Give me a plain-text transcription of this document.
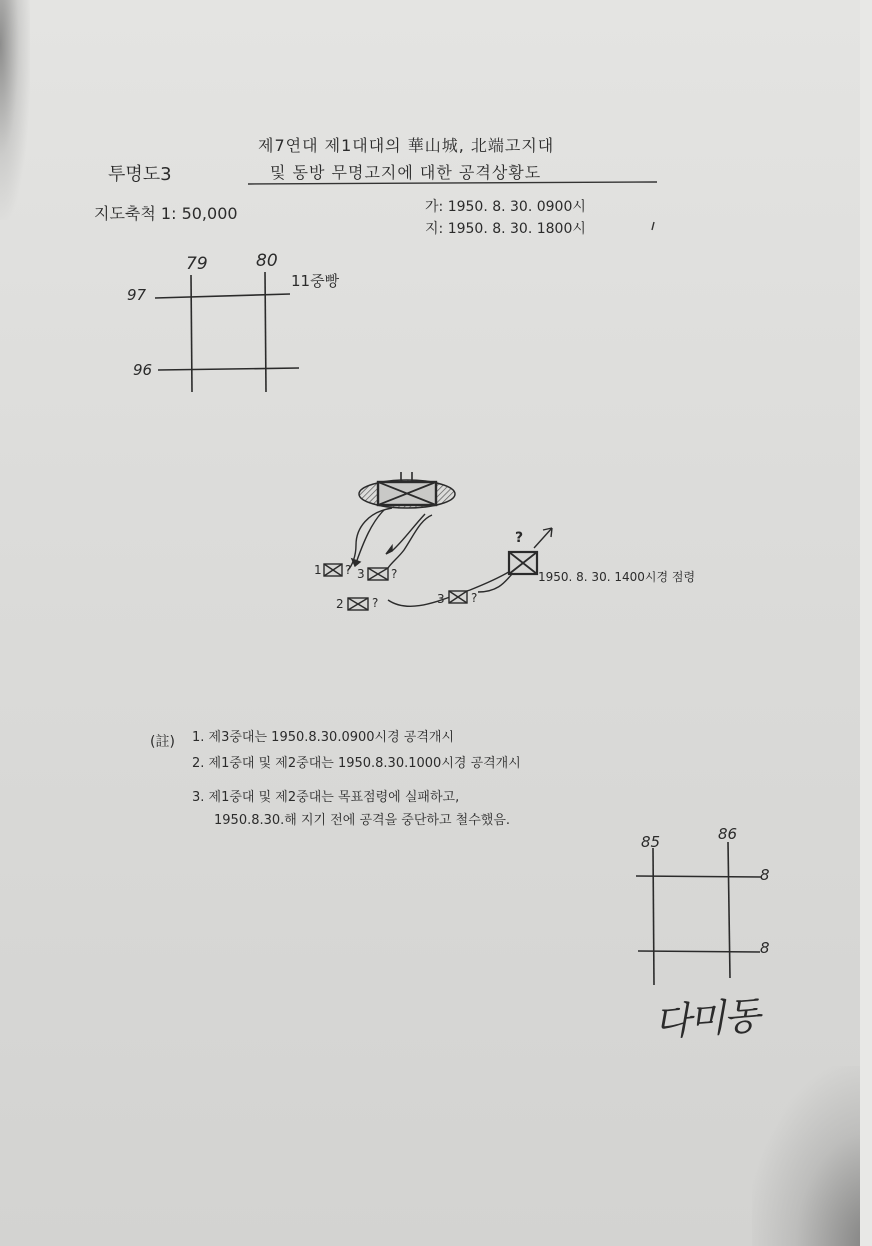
투명도3
제7연대 제1대대의 華山城, 北端고지대
및 동방 무명고지에 대한 공격상황도
지도축척 1: 50,000	가: 1950. 8. 30. 0900시
지: 1950. 8. 30. 1800시
79	80
97
96
11중빵
1 ? 3 ?
2 ?	3 ?
?
1950. 8. 30. 1400시경 점령
(註) 1. 제3중대는 1950.8.30.0900시경 공격개시
2. 제1중대 및 제2중대는 1950.8.30.1000시경 공격개시
3. 제1중대 및 제2중대는 목표점령에 실패하고,
1950.8.30.해 지기 전에 공격을 중단하고 철수했음.
85	86
8
8
다미동
